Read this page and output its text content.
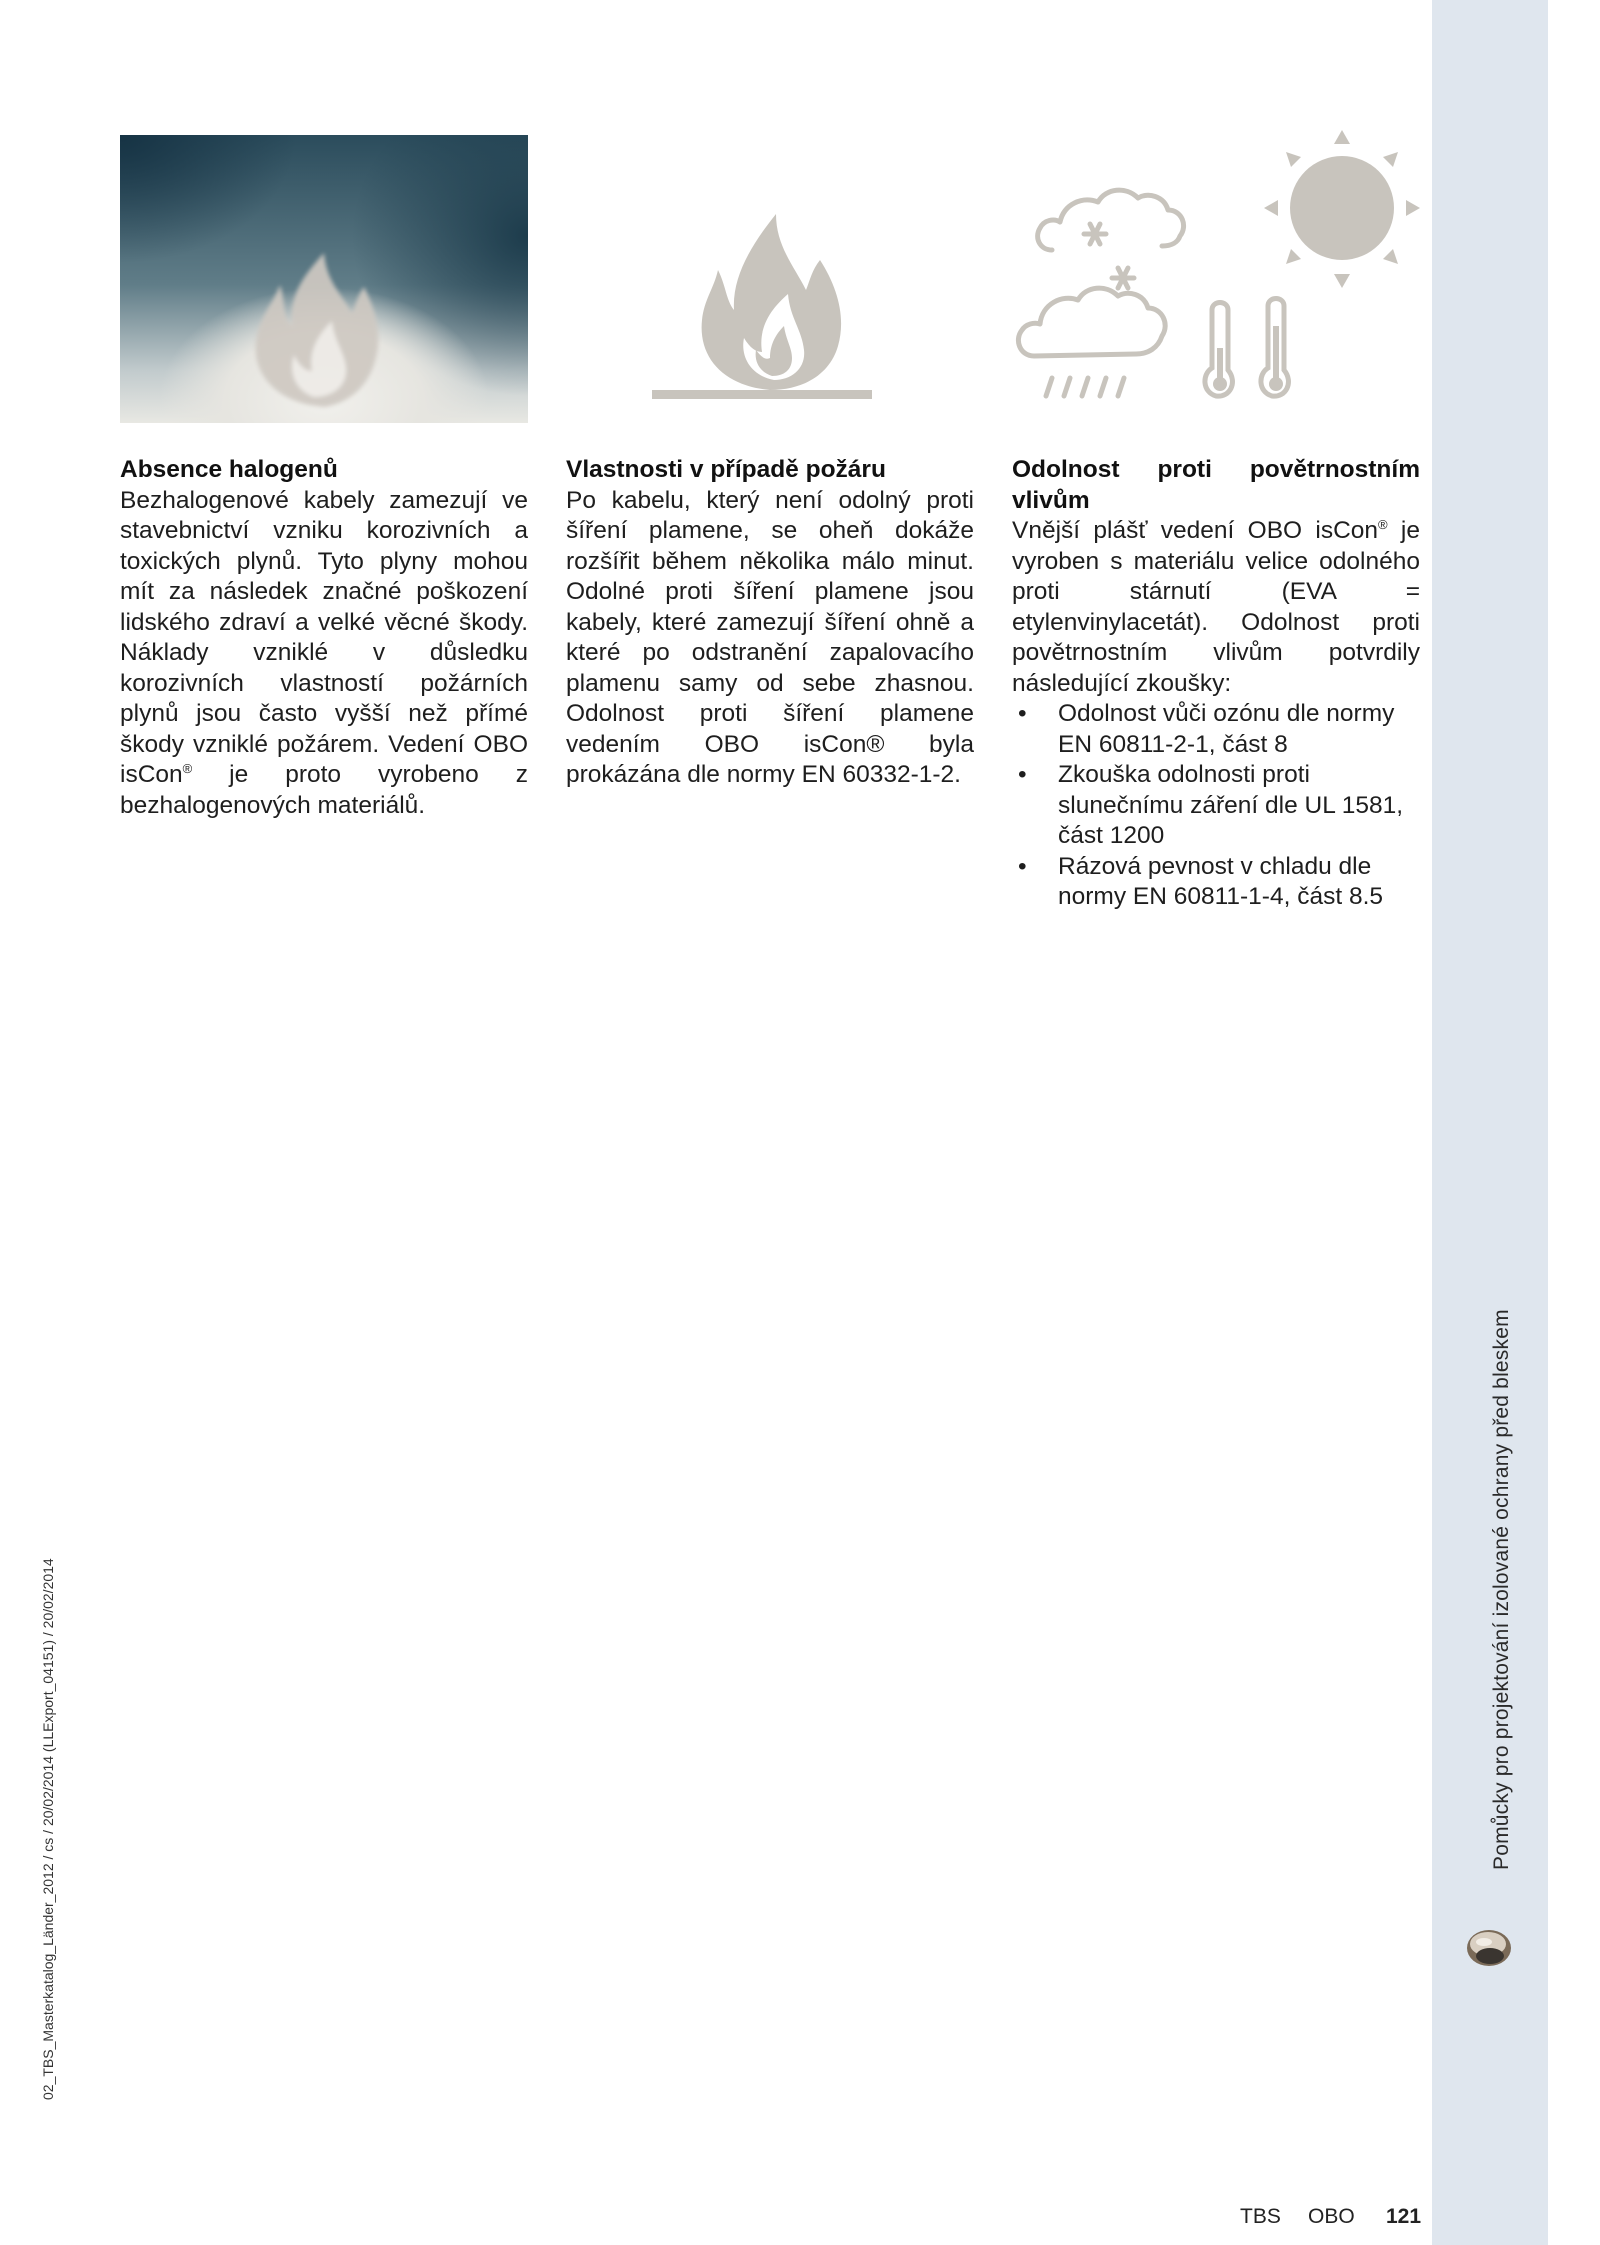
Pomůcky pro projektování izolované ochrany před bleskem
02_TBS_Masterkatalog_Länder_2012 / cs / 20/02/2014 (LLExport_04151) / 20/02/2014
Absence halogenů

Bezhalogenové kabely zamezují ve stavebnictví vzniku korozivních a toxických plynů. Tyto plyny mohou mít za následek značné poškození lidského zdraví a velké věcné škody. Náklady vzniklé v důsledku korozivních vlastností požárních plynů jsou často vyšší než přímé škody vzniklé požárem. Vedení OBO isCon® je proto vyrobeno z bezhalogenových materiálů.

Vlastnosti v případě požáru

Po kabelu, který není odolný proti šíření plamene, se oheň dokáže rozšířit během několika málo minut. Odolné proti šíření plamene jsou kabely, které zamezují šíření ohně a které po odstranění zapalovacího plamenu samy od sebe zhasnou. Odolnost proti šíření plamene vedením OBO isCon® byla prokázána dle normy EN 60332-1-2.

Odolnost proti povětrnostním vlivům

Vnější plášť vedení OBO isCon® je vyroben s materiálu velice odolného proti stárnutí (EVA = etylenvinylacetát). Odolnost proti povětrnostním vlivům potvrdily následující zkoušky:

• Odolnost vůči ozónu dle normy EN 60811-2-1, část 8
• Zkouška odolnosti proti slunečnímu záření dle UL 1581, část 1200
• Rázová pevnost v chladu dle normy EN 60811-1-4, část 8.5
TBS OBO 121
